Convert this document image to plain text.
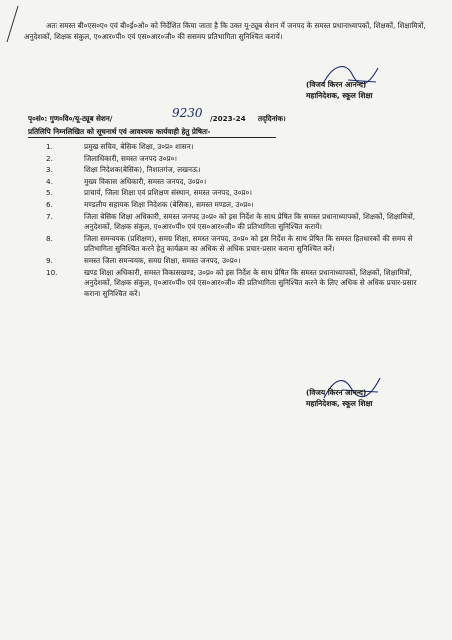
अतः समस्त बी०एस०ए० एवं बी०ई०ओ० को निर्देशित किया जाता है कि उक्त यू-ट्यूब सेशन में जनपद के समस्त प्रधानाध्यापकों, शिक्षकों, शिक्षामित्रों, अनुदेशकों, शिक्षक संकुल, ए०आर०पी० एवं एस०आर०जी० की ससमय प्रतिभागिता सुनिश्चित करायें।

(विजय किरन आनन्द)
महानिदेशक, स्कूल शिक्षा
पृ०सं०: गुण०वि०/यू-ट्यूब सेशन/	9230 /2023-24 तद्‌दिनांक।
प्रतिलिपि निम्नलिखित को सूचनार्थ एवं आवश्यक कार्यवाही हेतु प्रेषितः-
1.	प्रमुख सचिव, बेसिक शिक्षा, उ०प्र० शासन।
2.	जिलाधिकारी, समस्त जनपद उ०प्र०।
3.	शिक्षा निदेशक(बेसिक), निशातगंज, लखनऊ।
4.	मुख्य विकास अधिकारी, समस्त जनपद, उ०प्र०।
5.	प्राचार्य, जिला शिक्षा एवं प्रशिक्षण संस्थान, समस्त जनपद, उ०प्र०।
6.	मण्डलीय सहायक शिक्षा निदेशक (बेसिक), समस्त मण्डल, उ०प्र०।
7.	जिला बेसिक शिक्षा अधिकारी, समस्त जनपद उ०प्र० को इस निर्देश के साथ प्रेषित कि समस्त प्रधानाध्यापकों, शिक्षकों, शिक्षामित्रों, अनुदेशकों, शिक्षक संकुल, ए०आर०पी० एवं एस०आर०जी० की प्रतिभागिता सुनिश्चित करायें।
8.	जिला समन्वयक (प्रशिक्षण), समग्र शिक्षा, समस्त जनपद, उ०प्र० को इस निर्देश के साथ प्रेषित कि समस्त हितधारकों की समय से प्रतिभागिता सुनिश्चित करने हेतु कार्यक्रम का अधिक से अधिक प्रचार-प्रसार कराना सुनिश्चित करें।
9.	समस्त जिला समन्वयक, समग्र शिक्षा, समस्त जनपद, उ०प्र०।
10.	खण्ड शिक्षा अधिकारी, समस्त विकासखण्ड, उ०प्र० को इस निर्देश के साथ प्रेषित कि समस्त प्रधानाध्यापकों, शिक्षकों, शिक्षामित्रों, अनुदेशकों, शिक्षक संकुल, ए०आर०पी० एवं एस०आर०जी० की प्रतिभागिता सुनिश्चित करने के लिए अधिक से अधिक प्रचार-प्रसार कराना सुनिश्चित करें।
(विजय किरन आनन्द)
महानिदेशक, स्कूल शिक्षा
